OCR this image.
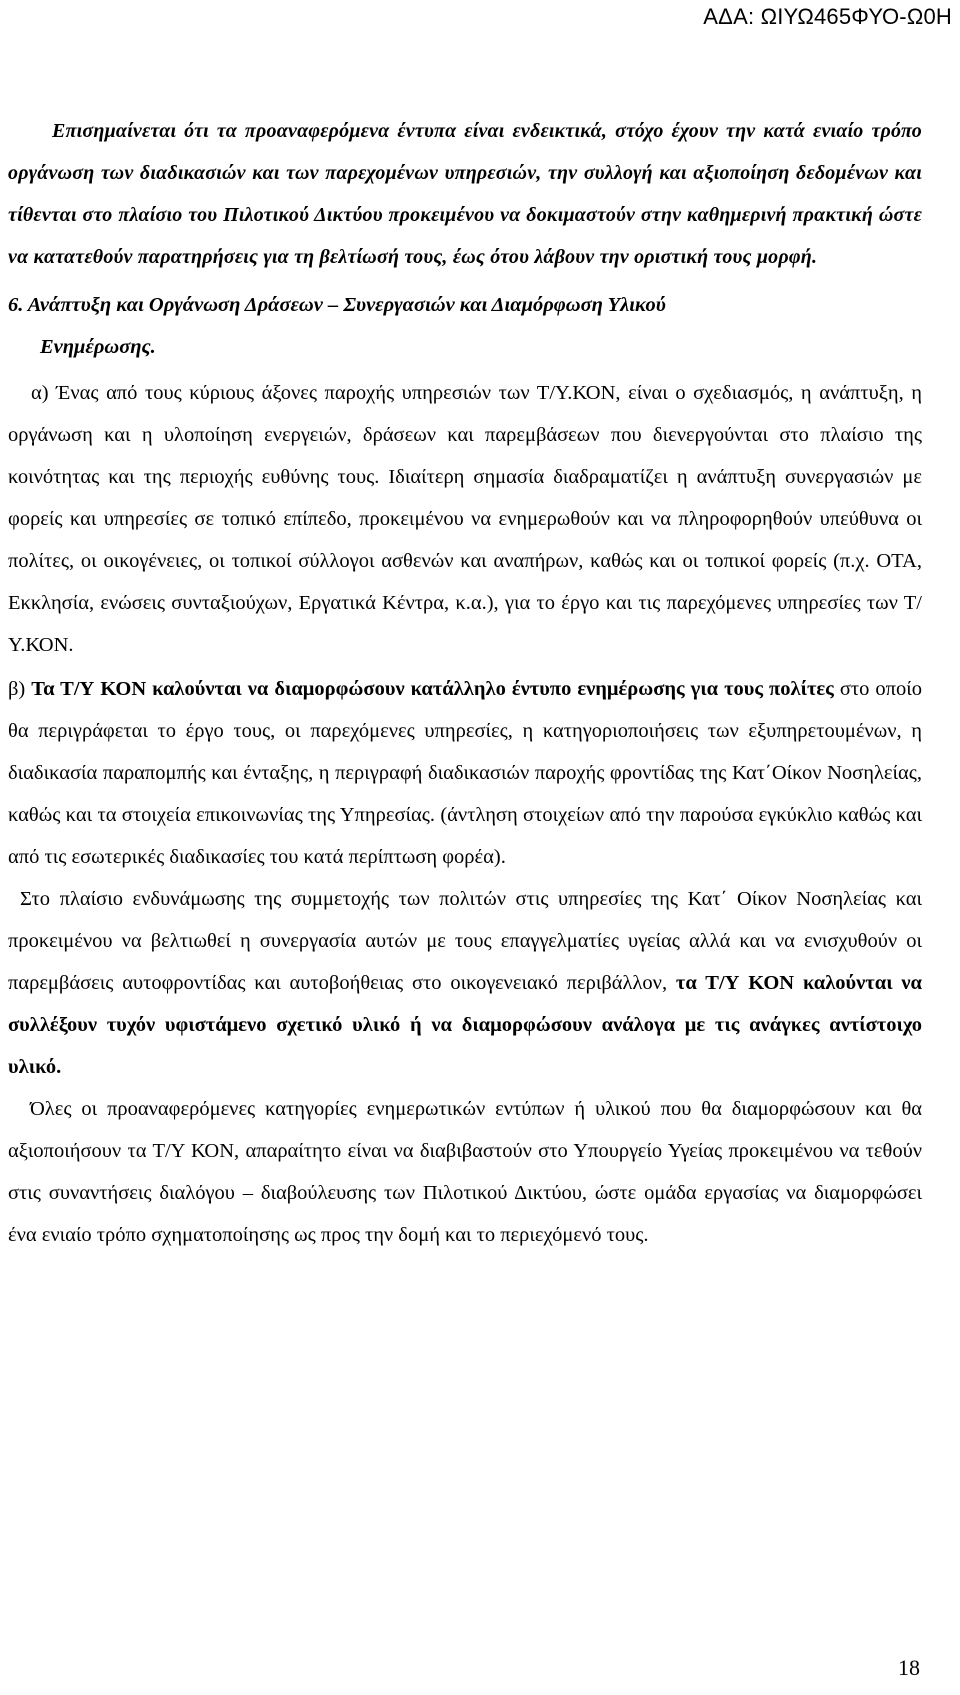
ΑΔΑ: ΩΙΥΩ465ΦΥΟ-Ω0Η

Επισημαίνεται ότι τα προαναφερόμενα έντυπα είναι ενδεικτικά, στόχο έχουν την κατά ενιαίο τρόπο οργάνωση των διαδικασιών και των παρεχομένων υπηρεσιών, την συλλογή και αξιοποίηση δεδομένων και τίθενται στο πλαίσιο του Πιλοτικού Δικτύου προκειμένου να δοκιμαστούν στην καθημερινή πρακτική ώστε να κατατεθούν παρατηρήσεις για τη βελτίωσή τους, έως ότου λάβουν την οριστική τους μορφή.

6. Ανάπτυξη και Οργάνωση Δράσεων – Συνεργασιών και Διαμόρφωση Υλικού

Ενημέρωσης.

α) Ένας από τους κύριους άξονες παροχής υπηρεσιών των Τ/Υ.ΚΟΝ, είναι ο σχεδιασμός, η ανάπτυξη, η οργάνωση και η υλοποίηση ενεργειών, δράσεων και παρεμβάσεων που διενεργούνται στο πλαίσιο της κοινότητας και της περιοχής ευθύνης τους. Ιδιαίτερη σημασία διαδραματίζει η ανάπτυξη συνεργασιών με φορείς και υπηρεσίες σε τοπικό επίπεδο, προκειμένου να ενημερωθούν και να πληροφορηθούν υπεύθυνα οι πολίτες, οι οικογένειες, οι τοπικοί σύλλογοι ασθενών και αναπήρων, καθώς και οι τοπικοί φορείς (π.χ. ΟΤΑ, Εκκλησία, ενώσεις συνταξιούχων, Εργατικά Κέντρα, κ.α.), για το έργο και τις παρεχόμενες υπηρεσίες των Τ/Υ.ΚΟΝ.

β) Τα Τ/Υ ΚΟΝ καλούνται να διαμορφώσουν κατάλληλο έντυπο ενημέρωσης για τους πολίτες στο οποίο θα περιγράφεται το έργο τους, οι παρεχόμενες υπηρεσίες, η κατηγοριοποιήσεις των εξυπηρετουμένων, η διαδικασία παραπομπής και ένταξης, η περιγραφή διαδικασιών παροχής φροντίδας της Κατ΄Οίκον Νοσηλείας, καθώς και τα στοιχεία επικοινωνίας της Υπηρεσίας. (άντληση στοιχείων από την παρούσα εγκύκλιο καθώς και από τις εσωτερικές διαδικασίες του κατά περίπτωση φορέα).

Στο πλαίσιο ενδυνάμωσης της συμμετοχής των πολιτών στις υπηρεσίες της Κατ΄ Οίκον Νοσηλείας και προκειμένου να βελτιωθεί η συνεργασία αυτών με τους επαγγελματίες υγείας αλλά και να ενισχυθούν οι παρεμβάσεις αυτοφροντίδας και αυτοβοήθειας στο οικογενειακό περιβάλλον, τα Τ/Υ ΚΟΝ καλούνται να συλλέξουν τυχόν υφιστάμενο σχετικό υλικό ή να διαμορφώσουν ανάλογα με τις ανάγκες αντίστοιχο υλικό.

Όλες οι προαναφερόμενες κατηγορίες ενημερωτικών εντύπων ή υλικού που θα διαμορφώσουν και θα αξιοποιήσουν τα Τ/Υ ΚΟΝ, απαραίτητο είναι να διαβιβαστούν στο Υπουργείο Υγείας προκειμένου να τεθούν στις συναντήσεις διαλόγου – διαβούλευσης των Πιλοτικού Δικτύου, ώστε ομάδα εργασίας να διαμορφώσει ένα ενιαίο τρόπο σχηματοποίησης ως προς την δομή και το περιεχόμενό τους.

18
